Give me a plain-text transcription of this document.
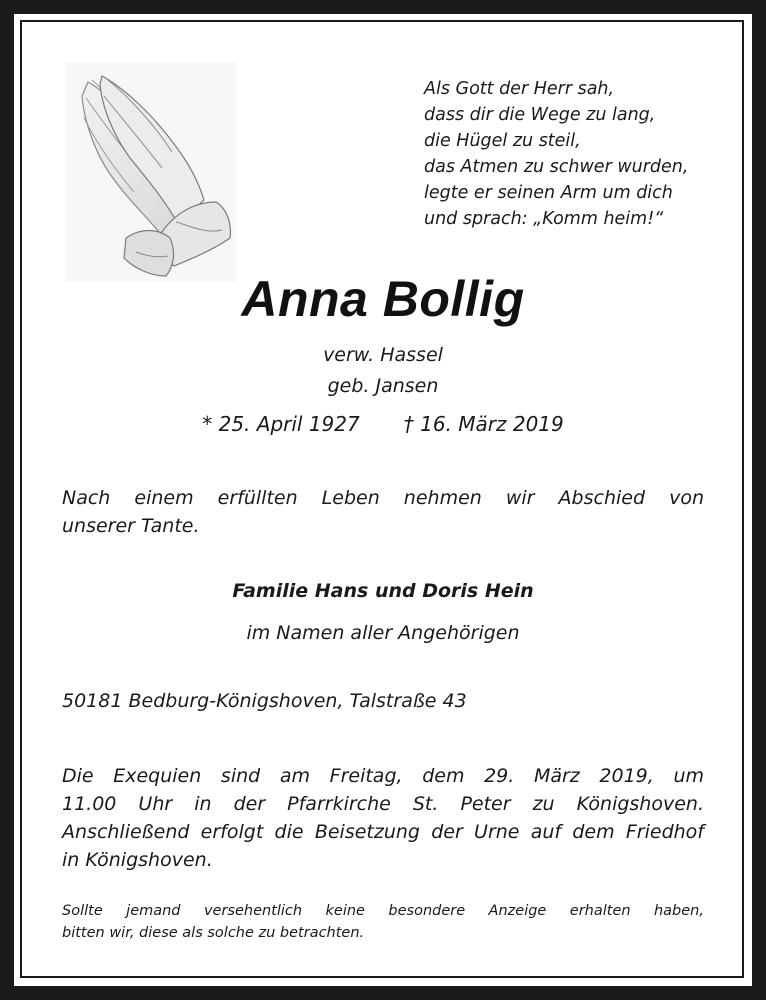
Als Gott der Herr sah,
dass dir die Wege zu lang,
die Hügel zu steil,
das Atmen zu schwer wurden,
legte er seinen Arm um dich
und sprach: „Komm heim!“
Anna Bollig
verw. Hassel
geb. Jansen
* 25. April 1927 † 16. März 2019
Nach einem erfüllten Leben nehmen wir Abschied von
unserer Tante.
Familie Hans und Doris Hein
im Namen aller Angehörigen
50181 Bedburg-Königshoven, Talstraße 43
Die Exequien sind am Freitag, dem 29. März 2019, um
11.00 Uhr in der Pfarrkirche St. Peter zu Königshoven.
Anschließend erfolgt die Beisetzung der Urne auf dem Friedhof
in Königshoven.
Sollte jemand versehentlich keine besondere Anzeige erhalten haben,
bitten wir, diese als solche zu betrachten.
